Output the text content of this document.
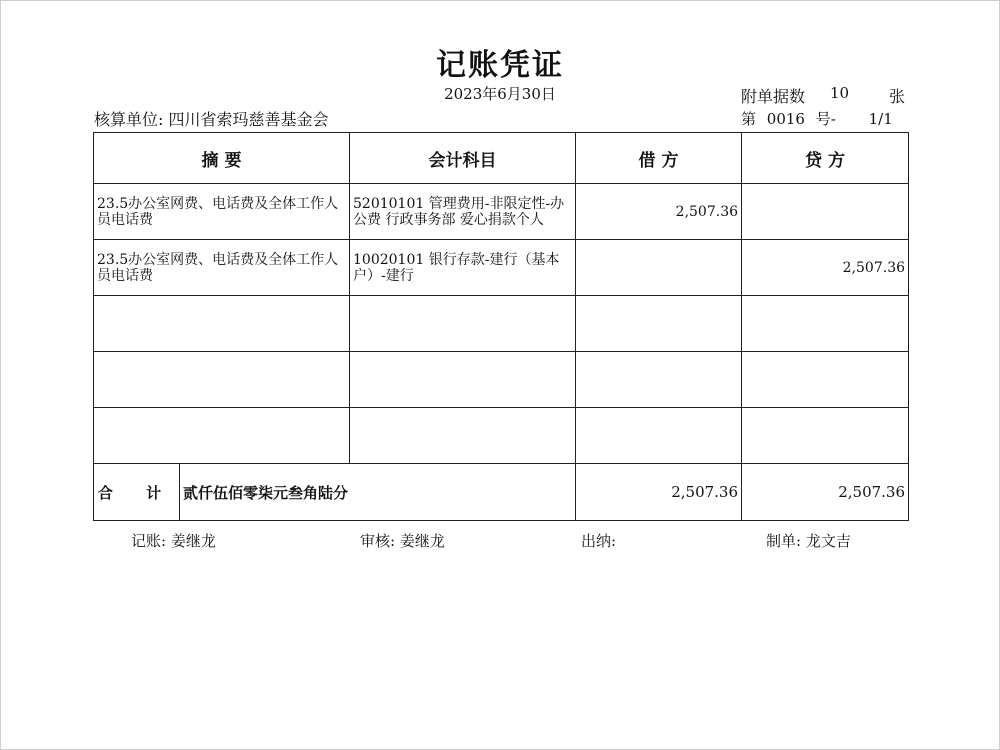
记账凭证
2023年6月30日	附单据数 10 张
核算单位: 四川省索玛慈善基金会	第 0016 号- 1/1
摘 要		会计科目	借 方	贷 方
23.5办公室网费、电话费及全体工作人员电话费		52010101 管理费用-非限定性-办公费 行政事务部 爱心捐款个人	2,507.36	
23.5办公室网费、电话费及全体工作人员电话费		10020101 银行存款-建行（基本户）-建行		2,507.36

合 计	贰仟伍佰零柒元叁角陆分		2,507.36	2,507.36
记账: 姜继龙	审核: 姜继龙	出纳:	制单: 龙文吉
